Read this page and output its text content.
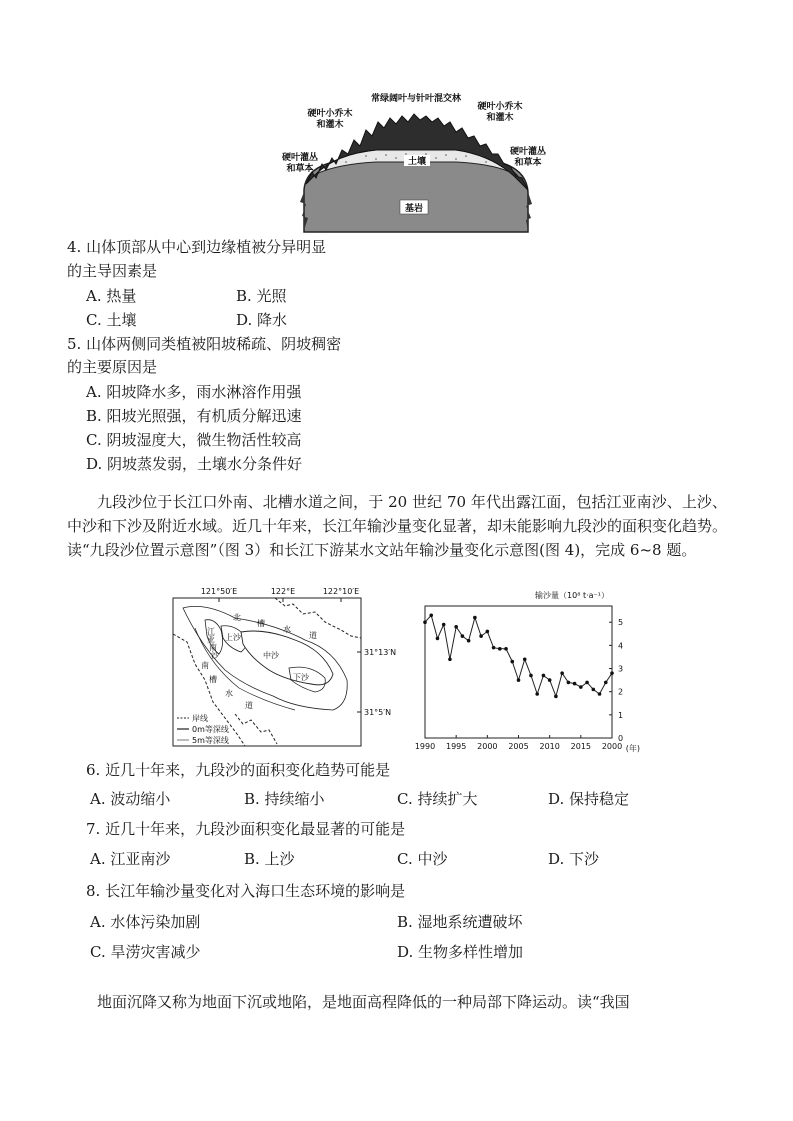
土壤
基岩
常绿阔叶与针叶混交林
硬叶小乔木
和灌木
硬叶小乔木
和灌木
硬叶灌丛
和草本
硬叶灌丛
和草本
4. 山体顶部从中心到边缘植被分异明显
的主导因素是
A. 热量	B. 光照
C. 土壤	D. 降水
5. 山体两侧同类植被阳坡稀疏、阴坡稠密
的主要原因是
A. 阳坡降水多，雨水淋溶作用强
B. 阳坡光照强，有机质分解迅速
C. 阴坡湿度大，微生物活性较高
D. 阴坡蒸发弱，土壤水分条件好
九段沙位于长江口外南、北槽水道之间，于 20 世纪 70 年代出露江面，包括江亚南沙、上沙、中沙和下沙及附近水域。近几十年来，长江年输沙量变化显著，却未能影响九段沙的面积变化趋势。读“九段沙位置示意图”（图 3）和长江下游某水文站年输沙量变化示意图(图 4)，完成 6~8 题。
121°50′E	122°E	122°10′E
31°13′N
31°5′N
北
槽
水
道
南
槽
水
道
江
亚
南
沙
上沙
中沙
下沙
岸线
0m等深线
5m等深线
输沙量（10⁸ t·a⁻¹）
(年)
0
1
2
3
4
5
1990 1995 2000 2005 2010 2015 2000
6. 近几十年来，九段沙的面积变化趋势可能是
A. 波动缩小	B. 持续缩小	C. 持续扩大	D. 保持稳定
7. 近几十年来，九段沙面积变化最显著的可能是
A. 江亚南沙	B. 上沙	C. 中沙	D. 下沙
8. 长江年输沙量变化对入海口生态环境的影响是
A. 水体污染加剧	B. 湿地系统遭破坏
C. 旱涝灾害减少	D. 生物多样性增加
地面沉降又称为地面下沉或地陷，是地面高程降低的一种局部下降运动。读“我国
